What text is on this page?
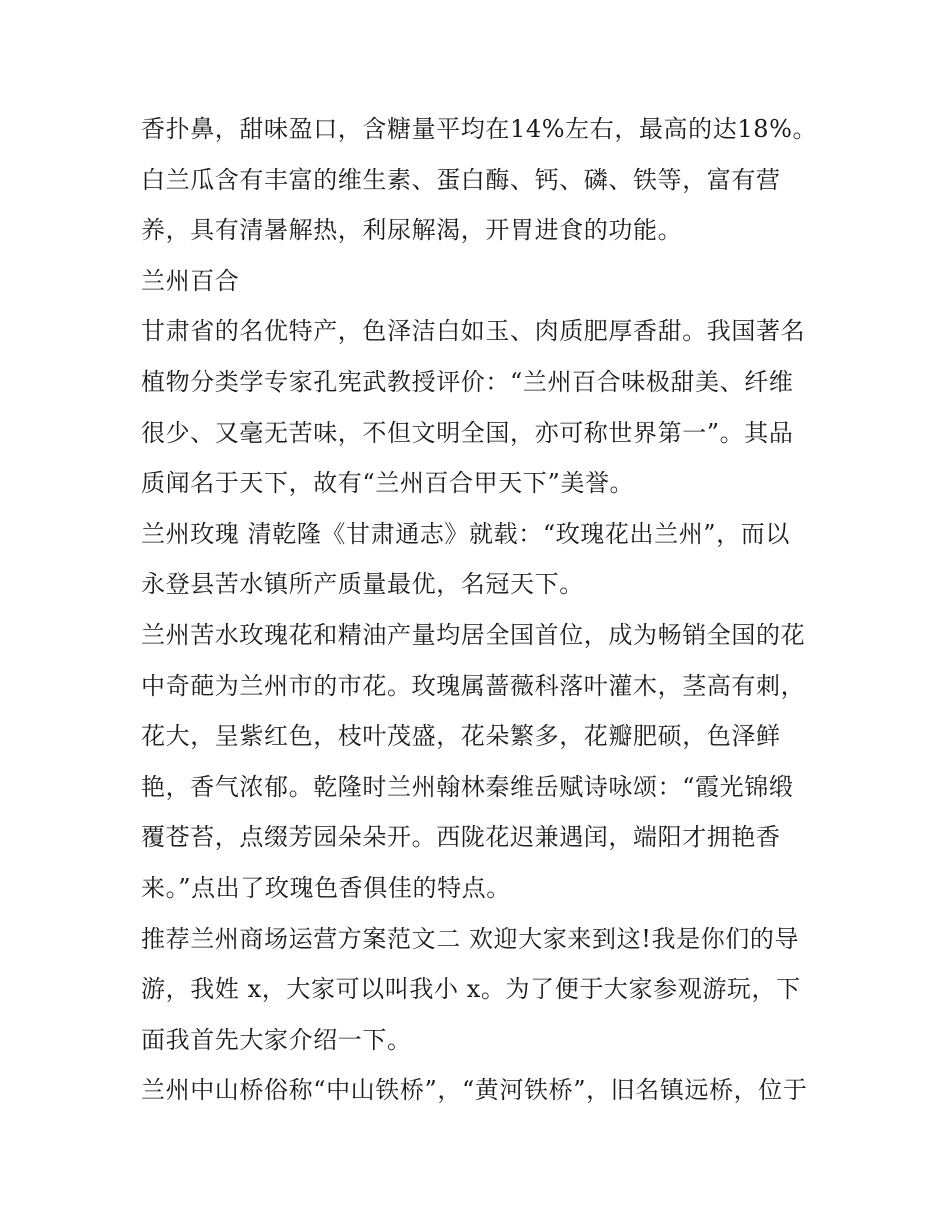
香扑鼻，甜味盈口，含糖量平均在14%左右，最高的达18%。
白兰瓜含有丰富的维生素、蛋白酶、钙、磷、铁等，富有营
养，具有清暑解热，利尿解渴，开胃进食的功能。
兰州百合
甘肃省的名优特产，色泽洁白如玉、肉质肥厚香甜。我国著名
植物分类学专家孔宪武教授评价：“兰州百合味极甜美、纤维
很少、又毫无苦味，不但文明全国，亦可称世界第一”。其品
质闻名于天下，故有“兰州百合甲天下”美誉。
兰州玫瑰 清乾隆《甘肃通志》就载：“玫瑰花出兰州”，而以
永登县苦水镇所产质量最优，名冠天下。
兰州苦水玫瑰花和精油产量均居全国首位，成为畅销全国的花
中奇葩为兰州市的市花。玫瑰属蔷薇科落叶灌木，茎高有刺，
花大，呈紫红色，枝叶茂盛，花朵繁多，花瓣肥硕，色泽鲜
艳，香气浓郁。乾隆时兰州翰林秦维岳赋诗咏颂：“霞光锦缎
覆苍苔，点缀芳园朵朵开。西陇花迟兼遇闰，端阳才拥艳香
来。”点出了玫瑰色香俱佳的特点。
推荐兰州商场运营方案范文二 欢迎大家来到这!我是你们的导
游，我姓 x，大家可以叫我小 x。为了便于大家参观游玩，下
面我首先大家介绍一下。
兰州中山桥俗称“中山铁桥”，“黄河铁桥”，旧名镇远桥，位于
